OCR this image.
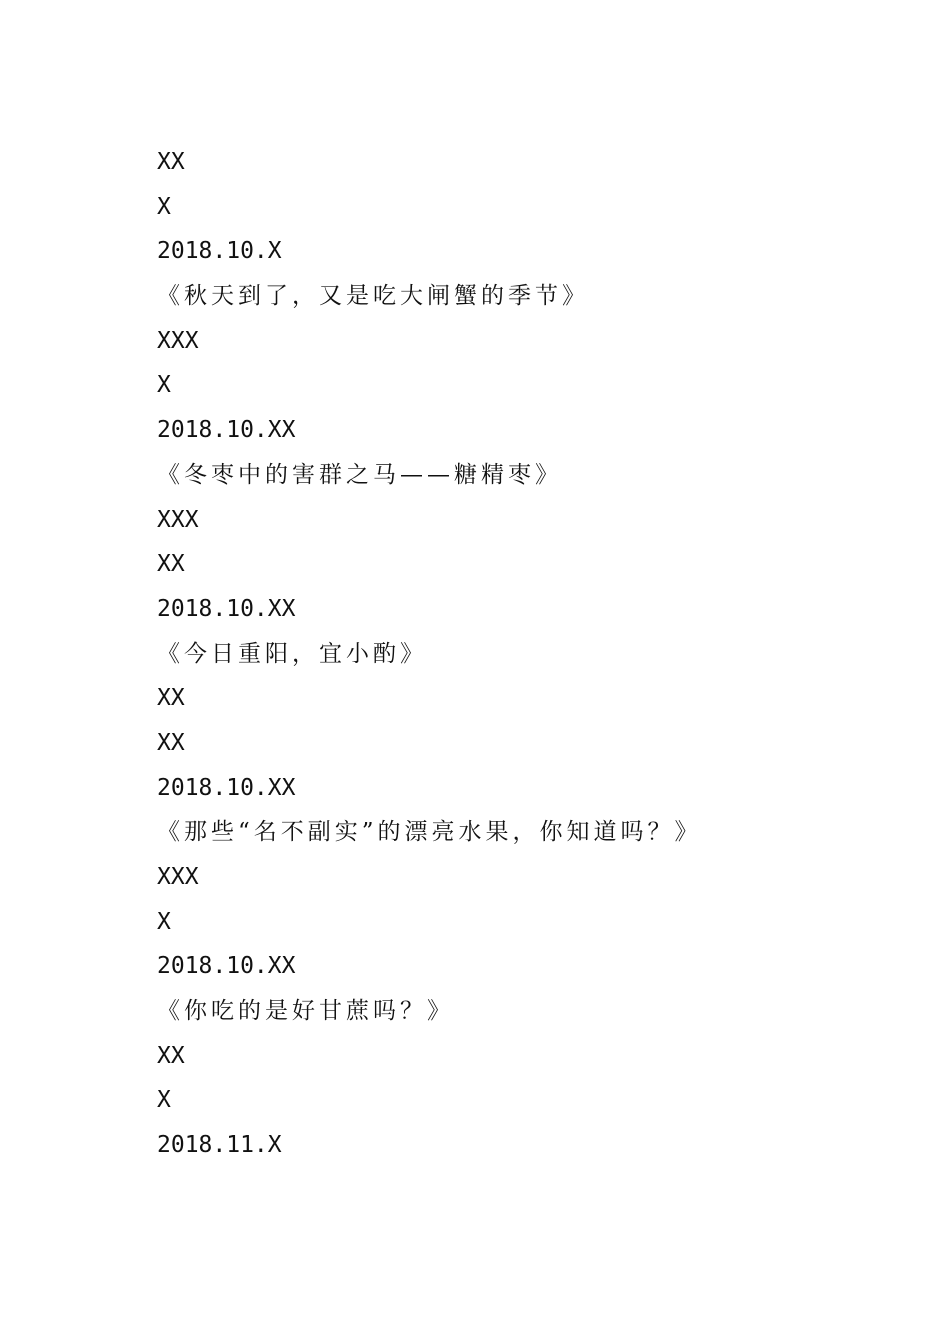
XX
X
2018.10.X
《秋天到了，又是吃大闸蟹的季节》
XXX
X
2018.10.XX
《冬枣中的害群之马——糖精枣》
XXX
XX
2018.10.XX
《今日重阳，宜小酌》
XX
XX
2018.10.XX
《那些“名不副实”的漂亮水果，你知道吗？》
XXX
X
2018.10.XX
《你吃的是好甘蔗吗？》
XX
X
2018.11.X
